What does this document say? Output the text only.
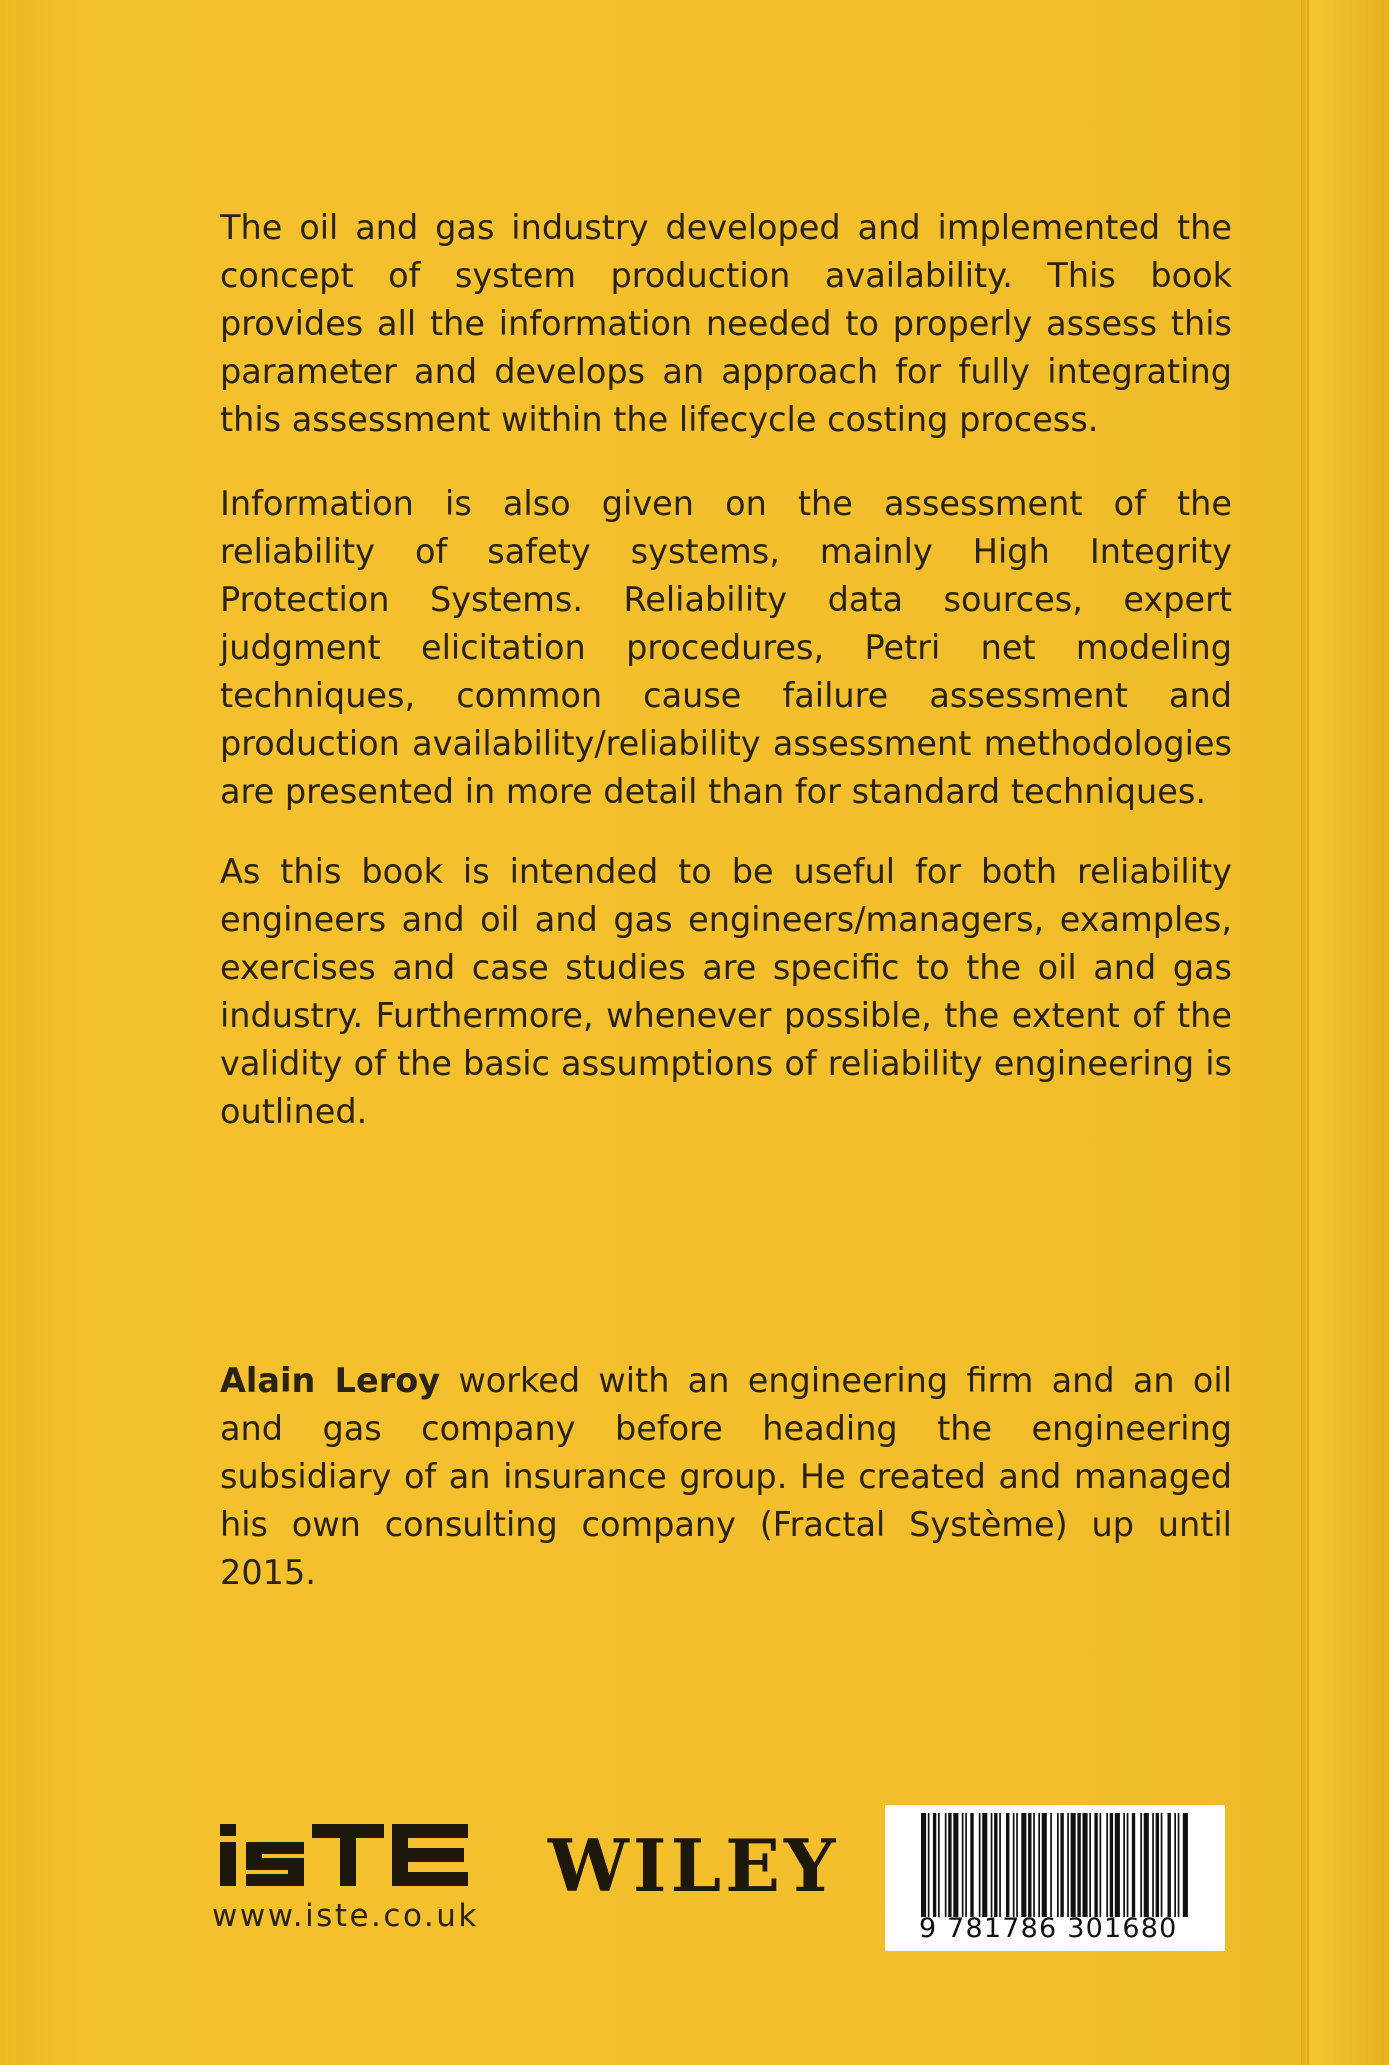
The oil and gas industry developed and implemented the concept of system production availability. This book provides all the information needed to properly assess this parameter and develops an approach for fully integrating this assessment within the lifecycle costing process.

Information is also given on the assessment of the reliability of safety systems, mainly High Integrity Protection Systems. Reliability data sources, expert judgment elicitation procedures, Petri net modeling techniques, common cause failure assessment and production availability/reliability assessment methodologies are presented in more detail than for standard techniques.

As this book is intended to be useful for both reliability engineers and oil and gas engineers/managers, examples, exercises and case studies are specific to the oil and gas industry. Furthermore, whenever possible, the extent of the validity of the basic assumptions of reliability engineering is outlined.

Alain Leroy worked with an engineering firm and an oil and gas company before heading the engineering subsidiary of an insurance group. He created and managed his own consulting company (Fractal Système) up until 2015.

www.iste.co.uk
WILEY
9 781786 301680
